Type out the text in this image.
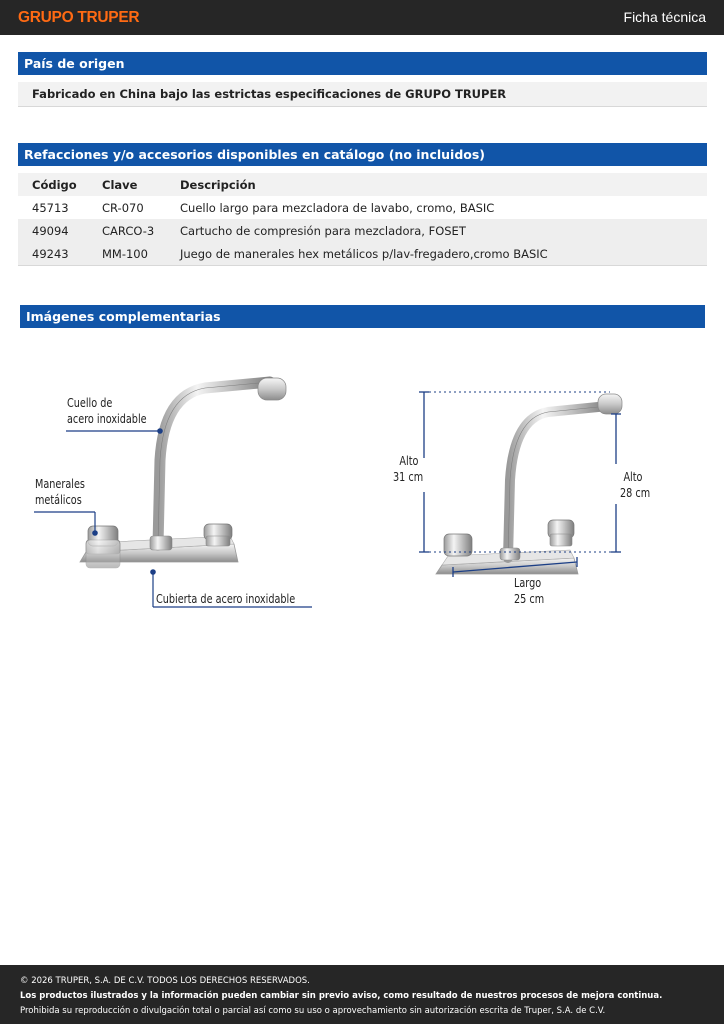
GRUPO TRUPER	Ficha técnica
País de origen
Fabricado en China bajo las estrictas especificaciones de GRUPO TRUPER
Refacciones y/o accesorios disponibles en catálogo (no incluidos)
Código	Clave	Descripción
45713	CR-070	Cuello largo para mezcladora de lavabo, cromo, BASIC
49094	CARCO-3	Cartucho de compresión para mezcladora, FOSET
49243	MM-100	Juego de manerales hex metálicos p/lav-fregadero,cromo BASIC
Imágenes complementarias
Cuello de
acero inoxidable
Manerales
metálicos
Cubierta de acero inoxidable
Alto
31 cm	Alto
28 cm
Largo
25 cm
© 2026 TRUPER, S.A. DE C.V. TODOS LOS DERECHOS RESERVADOS.
Los productos ilustrados y la información pueden cambiar sin previo aviso, como resultado de nuestros procesos de mejora continua.
Prohibida su reproducción o divulgación total o parcial así como su uso o aprovechamiento sin autorización escrita de Truper, S.A. de C.V.
